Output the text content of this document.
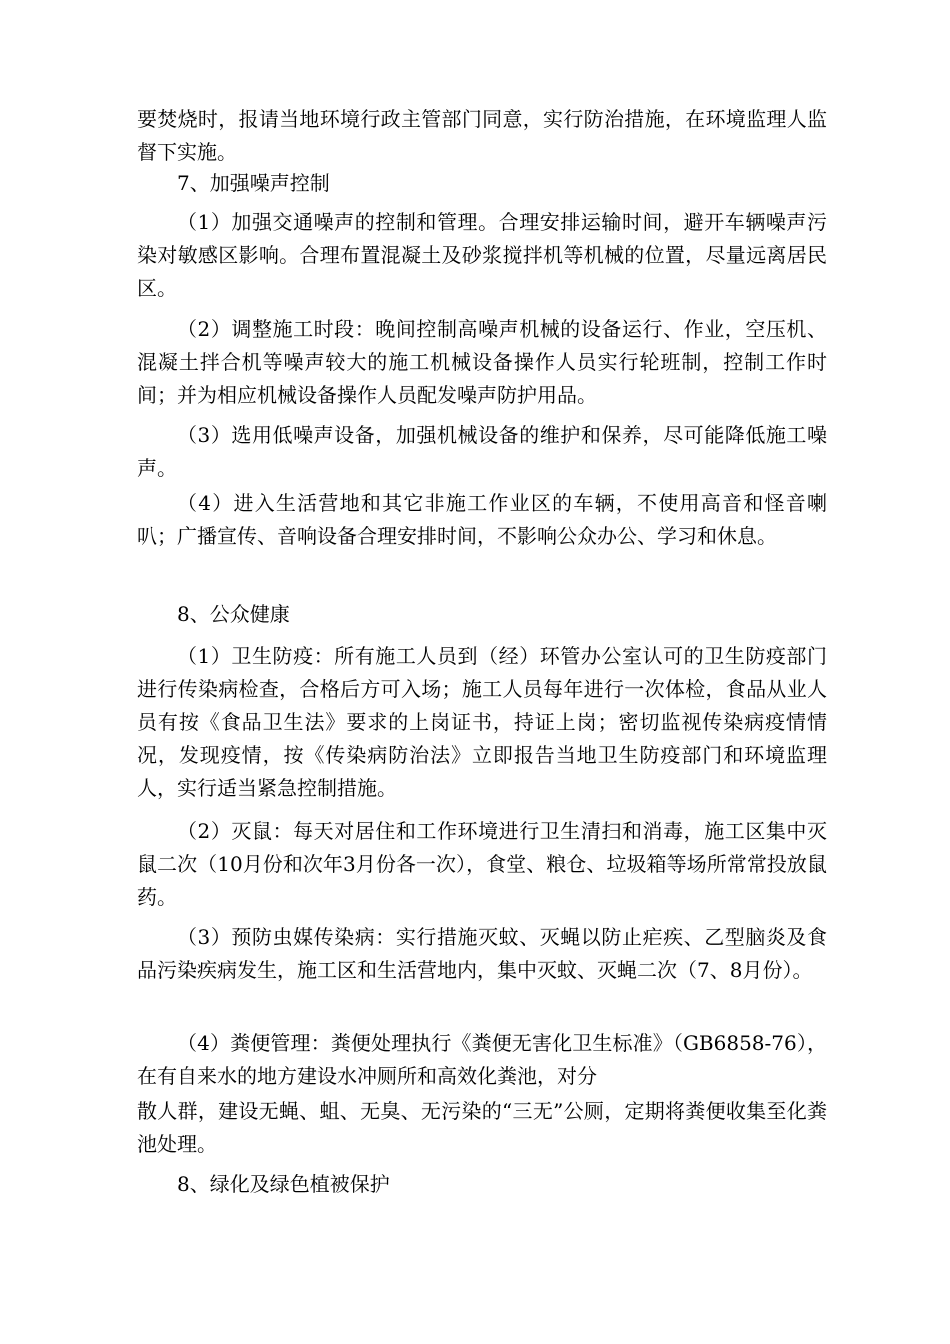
要焚烧时，报请当地环境行政主管部门同意，实行防治措施，在环境监理人监督下实施。

7、加强噪声控制

（1）加强交通噪声的控制和管理。合理安排运输时间，避开车辆噪声污染对敏感区影响。合理布置混凝土及砂浆搅拌机等机械的位置，尽量远离居民区。

（2）调整施工时段：晚间控制高噪声机械的设备运行、作业，空压机、混凝土拌合机等噪声较大的施工机械设备操作人员实行轮班制，控制工作时间；并为相应机械设备操作人员配发噪声防护用品。

（3）选用低噪声设备，加强机械设备的维护和保养，尽可能降低施工噪声。

（4）进入生活营地和其它非施工作业区的车辆，不使用高音和怪音喇叭；广播宣传、音响设备合理安排时间，不影响公众办公、学习和休息。

8、公众健康

（1）卫生防疫：所有施工人员到（经）环管办公室认可的卫生防疫部门进行传染病检查，合格后方可入场；施工人员每年进行一次体检，食品从业人员有按《食品卫生法》要求的上岗证书，持证上岗；密切监视传染病疫情情况，发现疫情，按《传染病防治法》立即报告当地卫生防疫部门和环境监理人，实行适当紧急控制措施。

（2）灭鼠：每天对居住和工作环境进行卫生清扫和消毒，施工区集中灭鼠二次（10月份和次年3月份各一次），食堂、粮仓、垃圾箱等场所常常投放鼠药。

（3）预防虫媒传染病：实行措施灭蚊、灭蝇以防止疟疾、乙型脑炎及食品污染疾病发生，施工区和生活营地内，集中灭蚊、灭蝇二次（7、8月份）。

（4）粪便管理：粪便处理执行《粪便无害化卫生标准》（GB6858-76），在有自来水的地方建设水冲厕所和高效化粪池，对分

散人群，建设无蝇、蛆、无臭、无污染的“三无”公厕，定期将粪便收集至化粪池处理。

8、绿化及绿色植被保护
